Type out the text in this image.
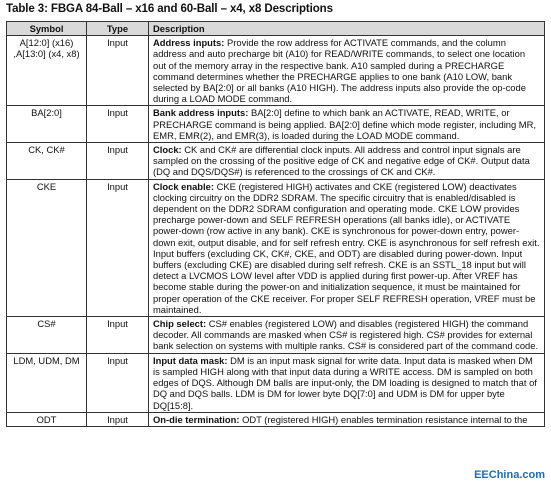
Table 3: FBGA 84-Ball – x16 and 60-Ball – x4, x8 Descriptions
Symbol	Type	Description

A[12:0] (x16)
,A[13:0] (x4, x8)	Input	Address inputs: Provide the row address for ACTIVATE commands, and the column address and auto precharge bit (A10) for READ/WRITE commands, to select one location out of the memory array in the respective bank. A10 sampled during a PRECHARGE command determines whether the PRECHARGE applies to one bank (A10 LOW, bank selected by BA[2:0] or all banks (A10 HIGH). The address inputs also provide the op-code during a LOAD MODE command.

BA[2:0]	Input	Bank address inputs: BA[2:0] define to which bank an ACTIVATE, READ, WRITE, or PRECHARGE command is being applied. BA[2:0] define which mode register, including MR, EMR, EMR(2), and EMR(3), is loaded during the LOAD MODE command.

CK, CK#	Input	Clock: CK and CK# are differential clock inputs. All address and control input signals are sampled on the crossing of the positive edge of CK and negative edge of CK#. Output data (DQ and DQS/DQS#) is referenced to the crossings of CK and CK#.

CKE	Input	Clock enable: CKE (registered HIGH) activates and CKE (registered LOW) deactivates clocking circuitry on the DDR2 SDRAM. The specific circuitry that is enabled/disabled is dependent on the DDR2 SDRAM configuration and operating mode. CKE LOW provides precharge power-down and SELF REFRESH operations (all banks idle), or ACTIVATE power-down (row active in any bank). CKE is synchronous for power-down entry, power-down exit, output disable, and for self refresh entry. CKE is asynchronous for self refresh exit. Input buffers (excluding CK, CK#, CKE, and ODT) are disabled during power-down. Input buffers (excluding CKE) are disabled during self refresh. CKE is an SSTL_18 input but will detect a LVCMOS LOW level after VDD is applied during first power-up. After VREF has become stable during the power-on and initialization sequence, it must be maintained for proper operation of the CKE receiver. For proper SELF REFRESH operation, VREF must be maintained.

CS#	Input	Chip select: CS# enables (registered LOW) and disables (registered HIGH) the command decoder. All commands are masked when CS# is registered high. CS# provides for external bank selection on systems with multiple ranks. CS# is considered part of the command code.

LDM, UDM, DM	Input	Input data mask: DM is an input mask signal for write data. Input data is masked when DM is sampled HIGH along with that input data during a WRITE access. DM is sampled on both edges of DQS. Although DM balls are input-only, the DM loading is designed to match that of DQ and DQS balls. LDM is DM for lower byte DQ[7:0] and UDM is DM for upper byte DQ[15:8].

ODT	Input	On-die termination: ODT (registered HIGH) enables termination resistance internal to the
EEChina.com
